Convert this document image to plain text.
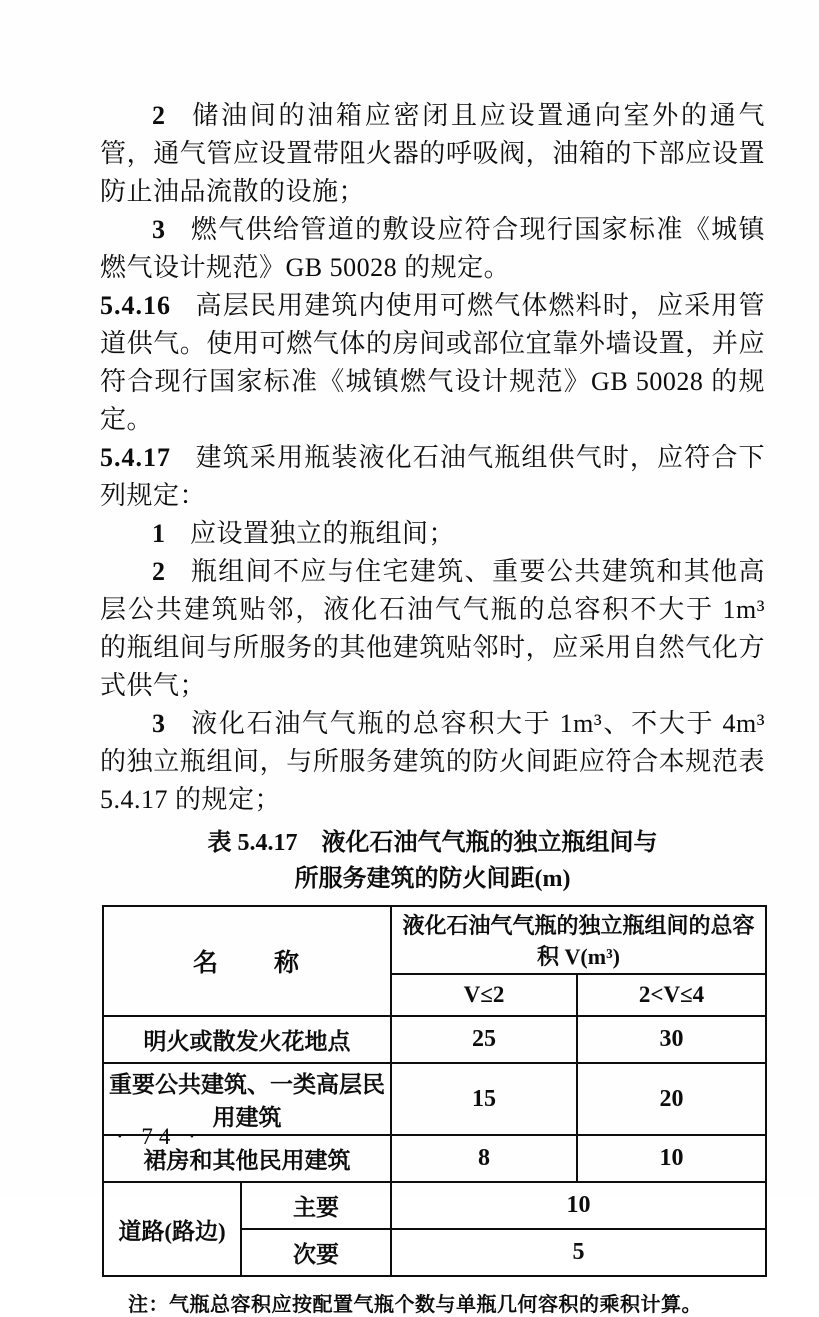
2 储油间的油箱应密闭且应设置通向室外的通气管，通气管应设置带阻火器的呼吸阀，油箱的下部应设置防止油品流散的设施；

3 燃气供给管道的敷设应符合现行国家标准《城镇燃气设计规范》GB 50028 的规定。

5.4.16 高层民用建筑内使用可燃气体燃料时，应采用管道供气。使用可燃气体的房间或部位宜靠外墙设置，并应符合现行国家标准《城镇燃气设计规范》GB 50028 的规定。

5.4.17 建筑采用瓶装液化石油气瓶组供气时，应符合下列规定：

1 应设置独立的瓶组间；

2 瓶组间不应与住宅建筑、重要公共建筑和其他高层公共建筑贴邻，液化石油气气瓶的总容积不大于 1m³ 的瓶组间与所服务的其他建筑贴邻时，应采用自然气化方式供气；

3 液化石油气气瓶的总容积大于 1m³、不大于 4m³ 的独立瓶组间，与所服务建筑的防火间距应符合本规范表 5.4.17 的规定；

表 5.4.17　液化石油气气瓶的独立瓶组间与
所服务建筑的防火间距(m)
名　　称		液化石油气气瓶的独立瓶组间的总容积 V(m³)	
		V≤2	2<V≤4
明火或散发火花地点		25	30
重要公共建筑、一类高层民用建筑		15	20
裙房和其他民用建筑		8	10
道路(路边)	主要	10	
	次要	5	
注：气瓶总容积应按配置气瓶个数与单瓶几何容积的乘积计算。
· 74 ·
